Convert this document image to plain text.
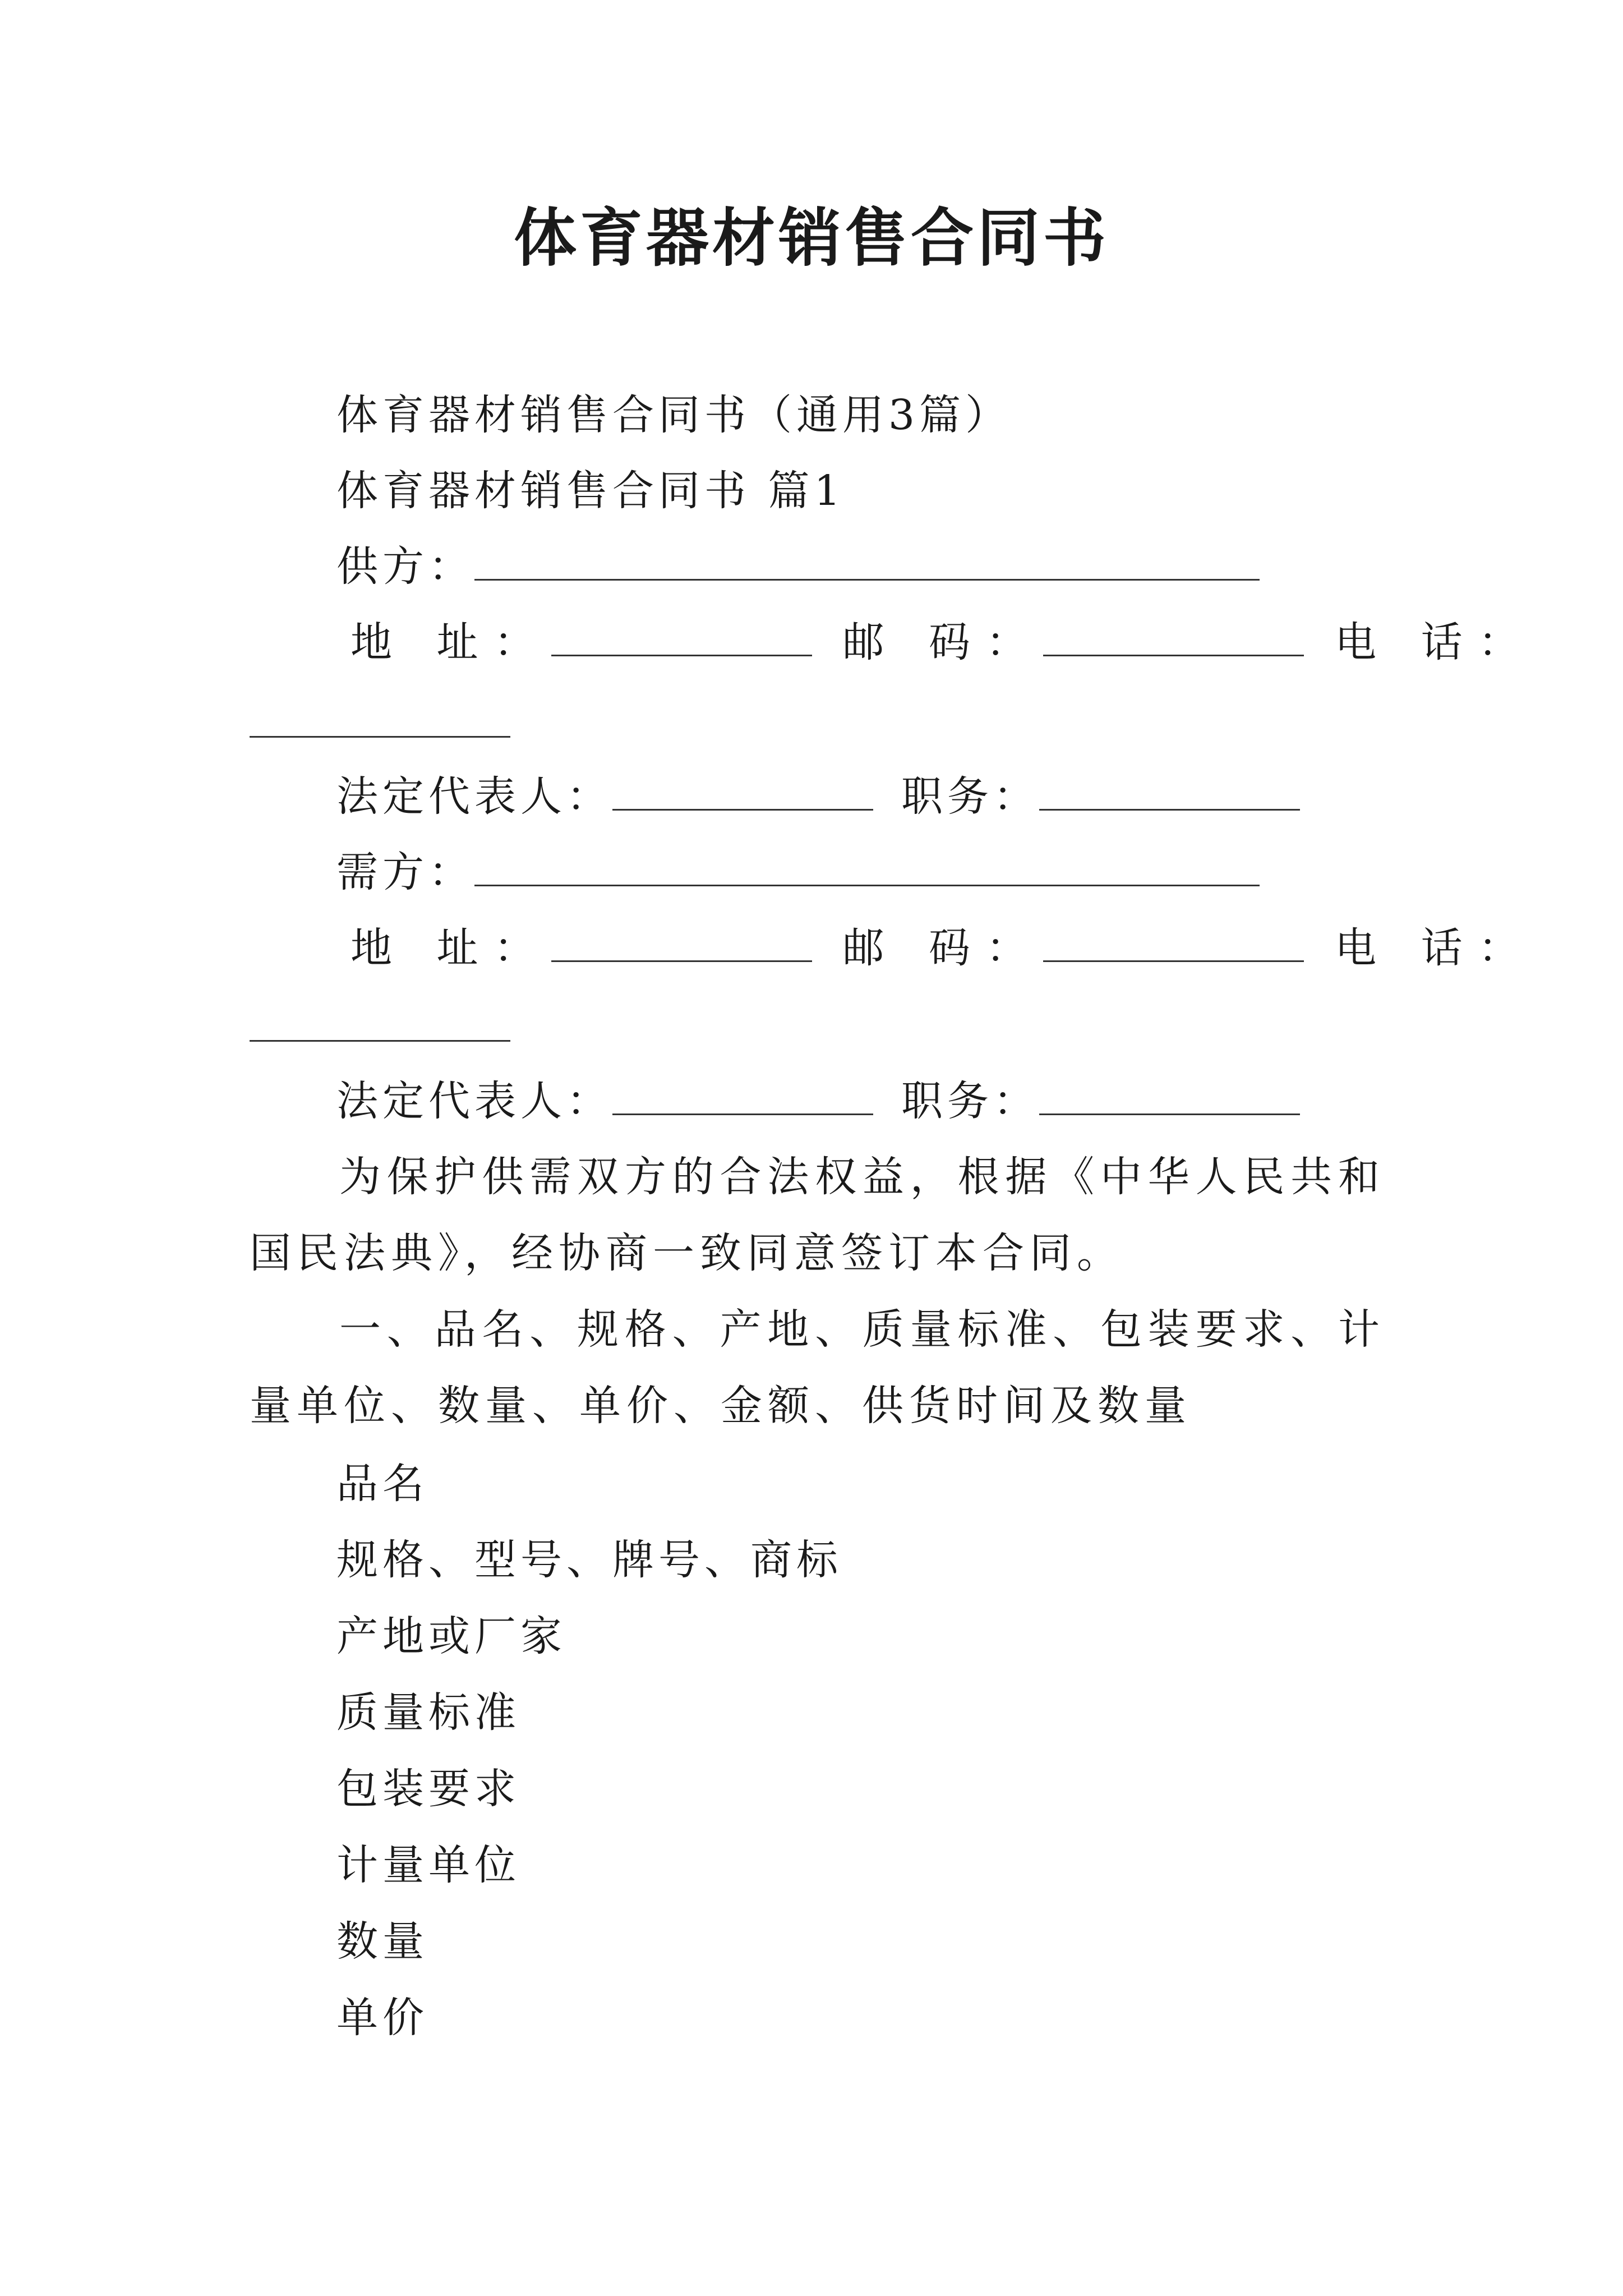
体育器材销售合同书
体育器材销售合同书（通用3篇）
体育器材销售合同书 篇1
供方：
地 址：	邮 码：	电 话：
法定代表人：	职务：
需方：
地 址：	邮 码：	电 话：
法定代表人：	职务：

为保护供需双方的合法权益，根据《中华人民共和国民法典》，经协商一致同意签订本合同。

一、品名、规格、产地、质量标准、包装要求、计量单位、数量、单价、金额、供货时间及数量

品名
规格、型号、牌号、商标
产地或厂家
质量标准
包装要求
计量单位
数量
单价
